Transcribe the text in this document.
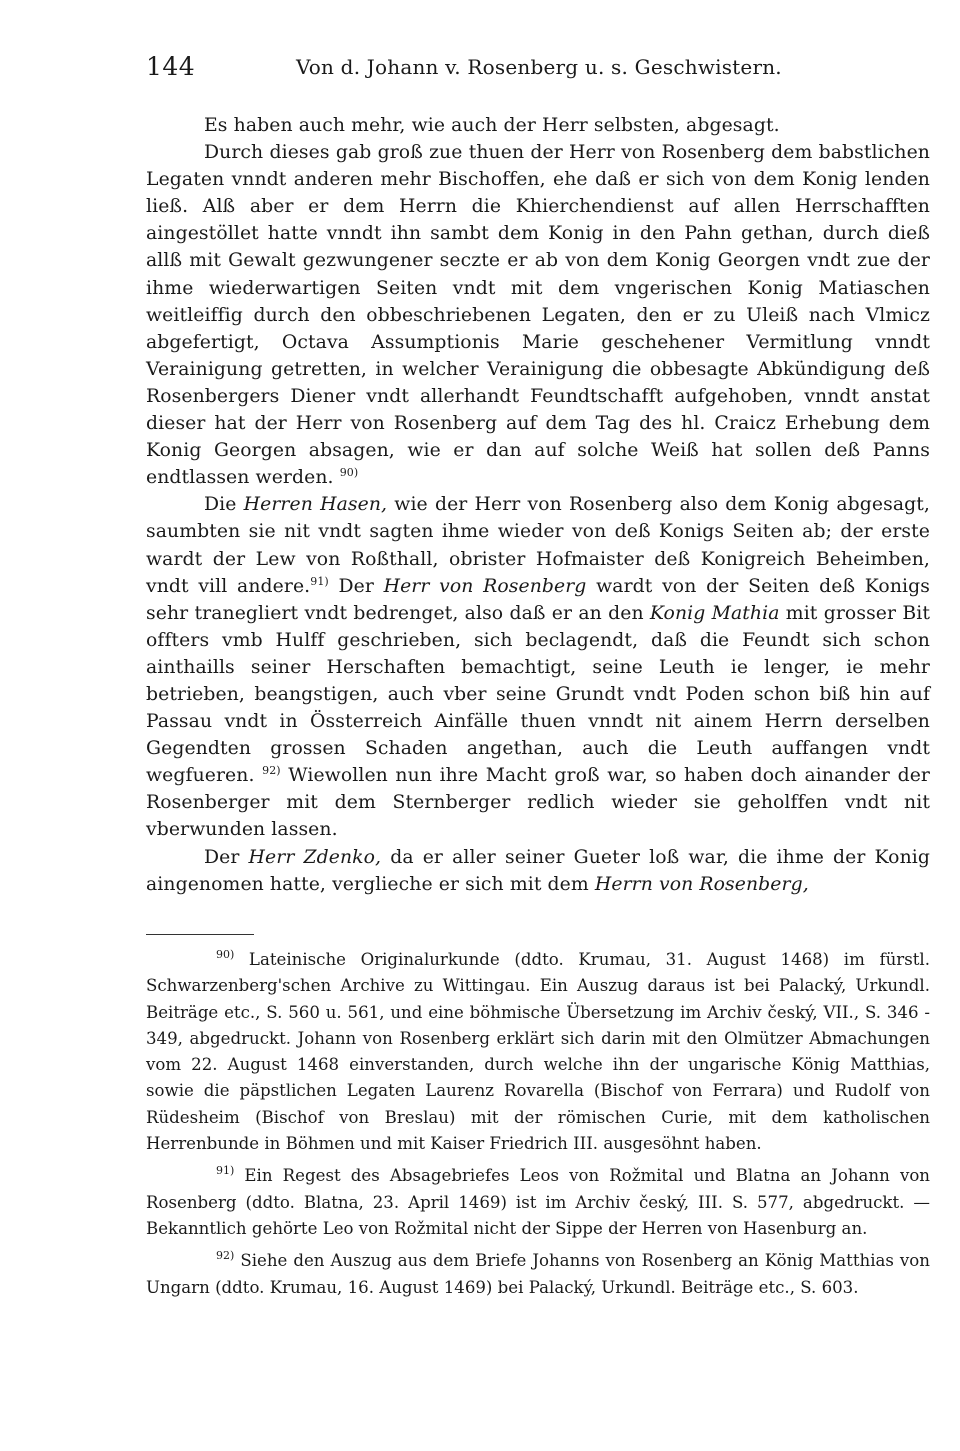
144	Von d. Johann v. Rosenberg u. s. Geschwistern.

Es haben auch mehr, wie auch der Herr selbsten, abgesagt.

Durch dieses gab groß zue thuen der Herr von Rosenberg dem babstlichen Legaten vnndt anderen mehr Bischoffen, ehe daß er sich von dem Konig lenden ließ. Alß aber er dem Herrn die Khierchendienst auf allen Herrschafften aingestöllet hatte vnndt ihn sambt dem Konig in den Pahn gethan, durch dieß allß mit Gewalt gezwungener seczte er ab von dem Konig Georgen vndt zue der ihme wiederwartigen Seiten vndt mit dem vngerischen Konig Matiaschen weitleiffig durch den obbeschriebenen Legaten, den er zu Uleiß nach Vlmicz abgefertigt, Octava Assumptionis Marie geschehener Vermitlung vnndt Verainigung getretten, in welcher Verainigung die obbesagte Abkündigung deß Rosenbergers Diener vndt allerhandt Feundtschafft aufgehoben, vnndt anstat dieser hat der Herr von Rosenberg auf dem Tag des hl. Craicz Erhebung dem Konig Georgen absagen, wie er dan auf solche Weiß hat sollen deß Panns endtlassen werden. $^{90)}$

Die Herren Hasen, wie der Herr von Rosenberg also dem Konig abgesagt, saumbten sie nit vndt sagten ihme wieder von deß Konigs Seiten ab; der erste wardt der Lew von Roßthall, obrister Hofmaister deß Konigreich Beheimben, vndt vill andere.$^{91)}$ Der Herr von Rosenberg wardt von der Seiten deß Konigs sehr tranegliert vndt bedrenget, also daß er an den Konig Mathia mit grosser Bit offters vmb Hulff geschrieben, sich beclagendt, daß die Feundt sich schon ainthaills seiner Herschaften bemachtigt, seine Leuth ie lenger, ie mehr betrieben, beangstigen, auch vber seine Grundt vndt Poden schon biß hin auf Passau vndt in Össterreich Ainfälle thuen vnndt nit ainem Herrn derselben Gegendten grossen Schaden angethan, auch die Leuth auffangen vndt wegfueren. $^{92)}$ Wiewollen nun ihre Macht groß war, so haben doch ainander der Rosenberger mit dem Sternberger redlich wieder sie geholffen vndt nit vberwunden lassen.

Der Herr Zdenko, da er aller seiner Gueter loß war, die ihme der Konig aingenomen hatte, verglieche er sich mit dem Herrn von Rosenberg,

$^{90)}$ Lateinische Originalurkunde (ddto. Krumau, 31. August 1468) im fürstl. Schwarzenberg'schen Archive zu Wittingau. Ein Auszug daraus ist bei Palacký, Urkundl. Beiträge etc., S. 560 u. 561, und eine böhmische Übersetzung im Archiv český, VII., S. 346 - 349, abgedruckt. Johann von Rosenberg erklärt sich darin mit den Olmützer Abmachungen vom 22. August 1468 einverstanden, durch welche ihn der ungarische König Matthias, sowie die päpstlichen Legaten Laurenz Rovarella (Bischof von Ferrara) und Rudolf von Rüdesheim (Bischof von Breslau) mit der römischen Curie, mit dem katholischen Herrenbunde in Böhmen und mit Kaiser Friedrich III. ausgesöhnt haben.

$^{91)}$ Ein Regest des Absagebriefes Leos von Rožmital und Blatna an Johann von Rosenberg (ddto. Blatna, 23. April 1469) ist im Archiv český, III. S. 577, abgedruckt. — Bekanntlich gehörte Leo von Rožmital nicht der Sippe der Herren von Hasenburg an.

$^{92)}$ Siehe den Auszug aus dem Briefe Johanns von Rosenberg an König Matthias von Ungarn (ddto. Krumau, 16. August 1469) bei Palacký, Urkundl. Beiträge etc., S. 603.
